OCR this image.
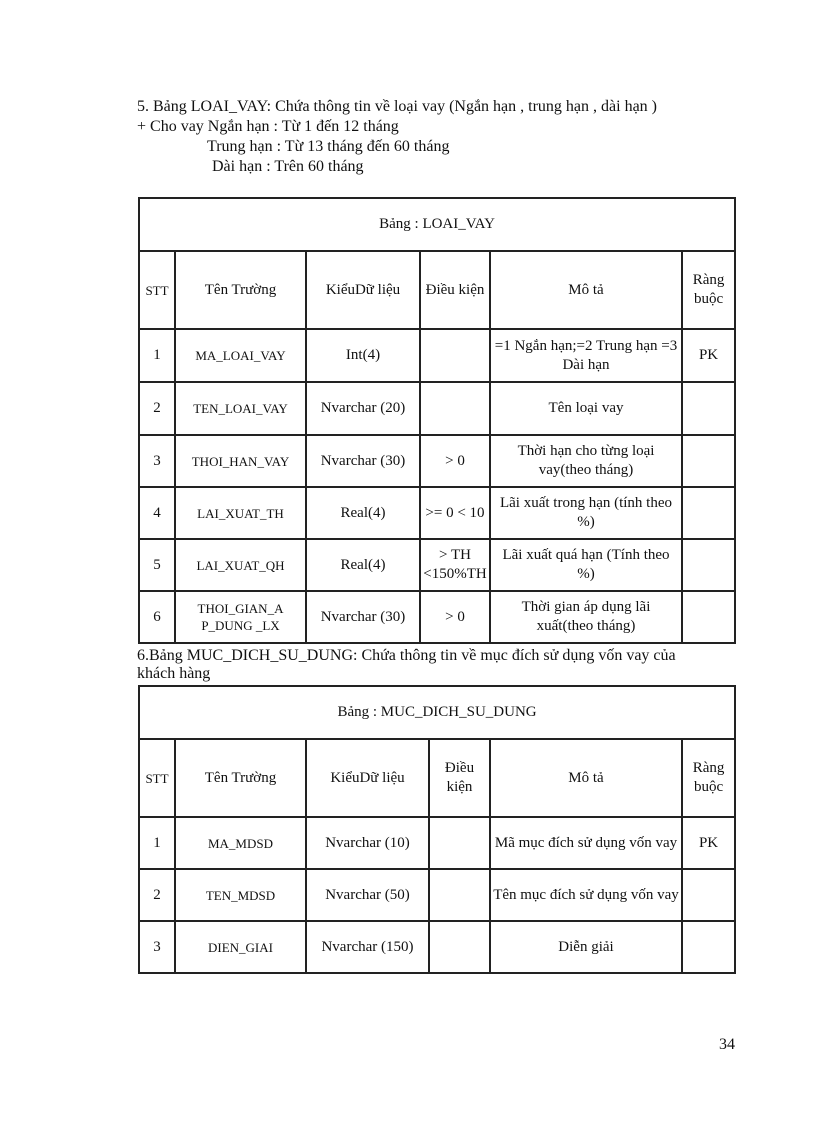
5. Bảng LOAI_VAY: Chứa thông tin về loại vay (Ngắn hạn , trung hạn , dài hạn )
+ Cho vay Ngắn hạn : Từ 1 đến 12 tháng
Trung hạn : Từ 13 tháng đến 60 tháng
Dài hạn : Trên 60 tháng
Bảng : LOAI_VAY					
STT	Tên Trường	KiểuDữ liệu	Điều kiện	Mô tả	Ràng buộc
1	MA_LOAI_VAY	Int(4)		=1 Ngắn hạn;=2 Trung hạn =3 Dài hạn	PK
2	TEN_LOAI_VAY	Nvarchar (20)		Tên loại vay	
3	THOI_HAN_VAY	Nvarchar (30)	> 0	Thời hạn cho từng loại vay(theo tháng)	
4	LAI_XUAT_TH	Real(4)	>= 0 < 10	Lãi xuất trong hạn (tính theo %)	
5	LAI_XUAT_QH	Real(4)	> TH <150%TH	Lãi xuất quá hạn (Tính theo %)	
6	THOI_GIAN_A P_DUNG _LX	Nvarchar (30)	> 0	Thời gian áp dụng lãi xuất(theo tháng)	
6.Bảng MUC_DICH_SU_DUNG: Chứa thông tin về mục đích sử dụng vốn vay của
khách hàng
Bảng : MUC_DICH_SU_DUNG					
STT	Tên Trường	KiểuDữ liệu	Điều kiện	Mô tả	Ràng buộc
1	MA_MDSD	Nvarchar (10)		Mã mục đích sử dụng vốn vay	PK
2	TEN_MDSD	Nvarchar (50)		Tên mục đích sử dụng vốn vay	
3	DIEN_GIAI	Nvarchar (150)		Diễn giải	
34
